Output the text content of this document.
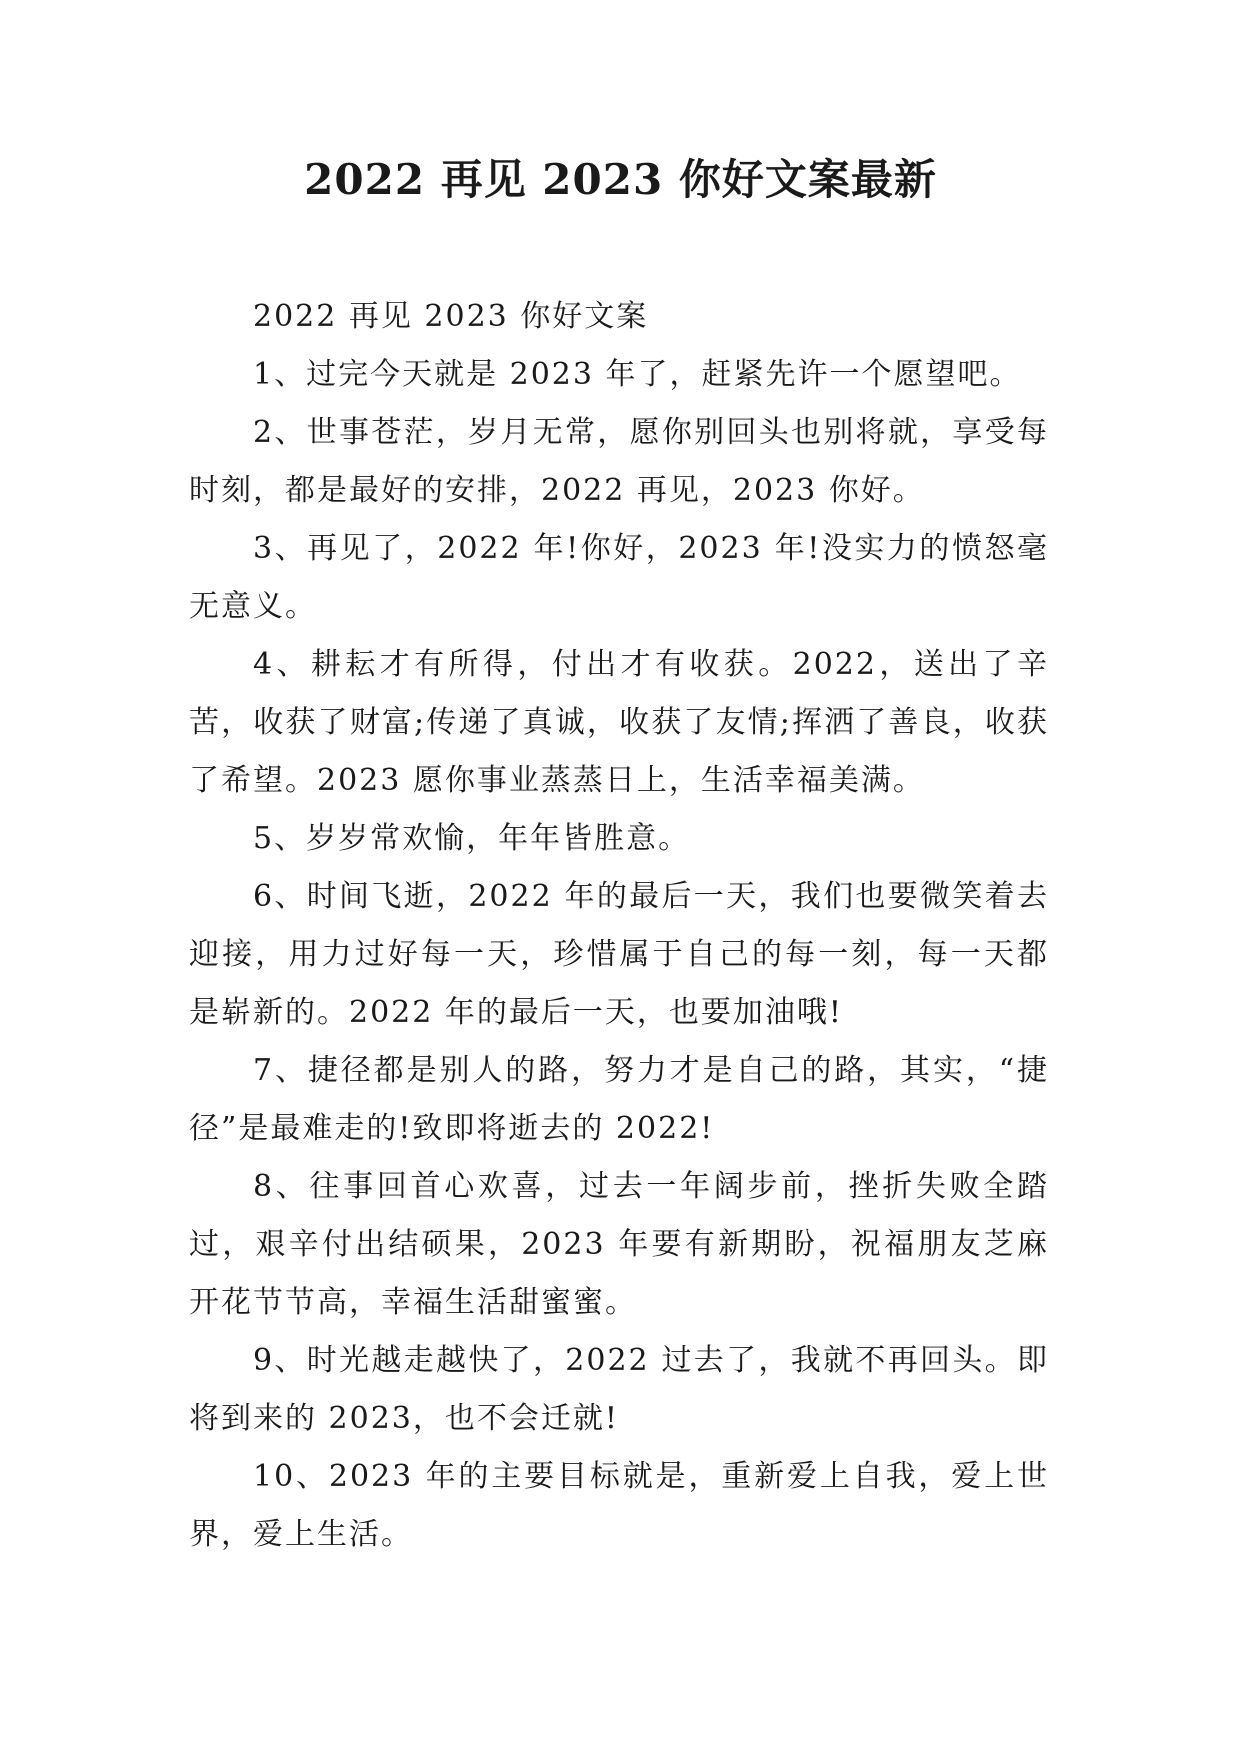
2022 再见 2023 你好文案最新

2022 再见 2023 你好文案

1、过完今天就是 2023 年了，赶紧先许一个愿望吧。

2、世事苍茫，岁月无常，愿你别回头也别将就，享受每时刻，都是最好的安排，2022 再见，2023 你好。

3、再见了，2022 年!你好，2023 年!没实力的愤怒毫无意义。

4、耕耘才有所得，付出才有收获。2022，送出了辛苦，收获了财富;传递了真诚，收获了友情;挥洒了善良，收获了希望。2023 愿你事业蒸蒸日上，生活幸福美满。

5、岁岁常欢愉，年年皆胜意。

6、时间飞逝，2022 年的最后一天，我们也要微笑着去迎接，用力过好每一天，珍惜属于自己的每一刻，每一天都是崭新的。2022 年的最后一天，也要加油哦!

7、捷径都是别人的路，努力才是自己的路，其实，“捷径”是最难走的!致即将逝去的 2022!

8、往事回首心欢喜，过去一年阔步前，挫折失败全踏过，艰辛付出结硕果，2023 年要有新期盼，祝福朋友芝麻开花节节高，幸福生活甜蜜蜜。

9、时光越走越快了，2022 过去了，我就不再回头。即将到来的 2023，也不会迁就!

10、2023 年的主要目标就是，重新爱上自我，爱上世界，爱上生活。
